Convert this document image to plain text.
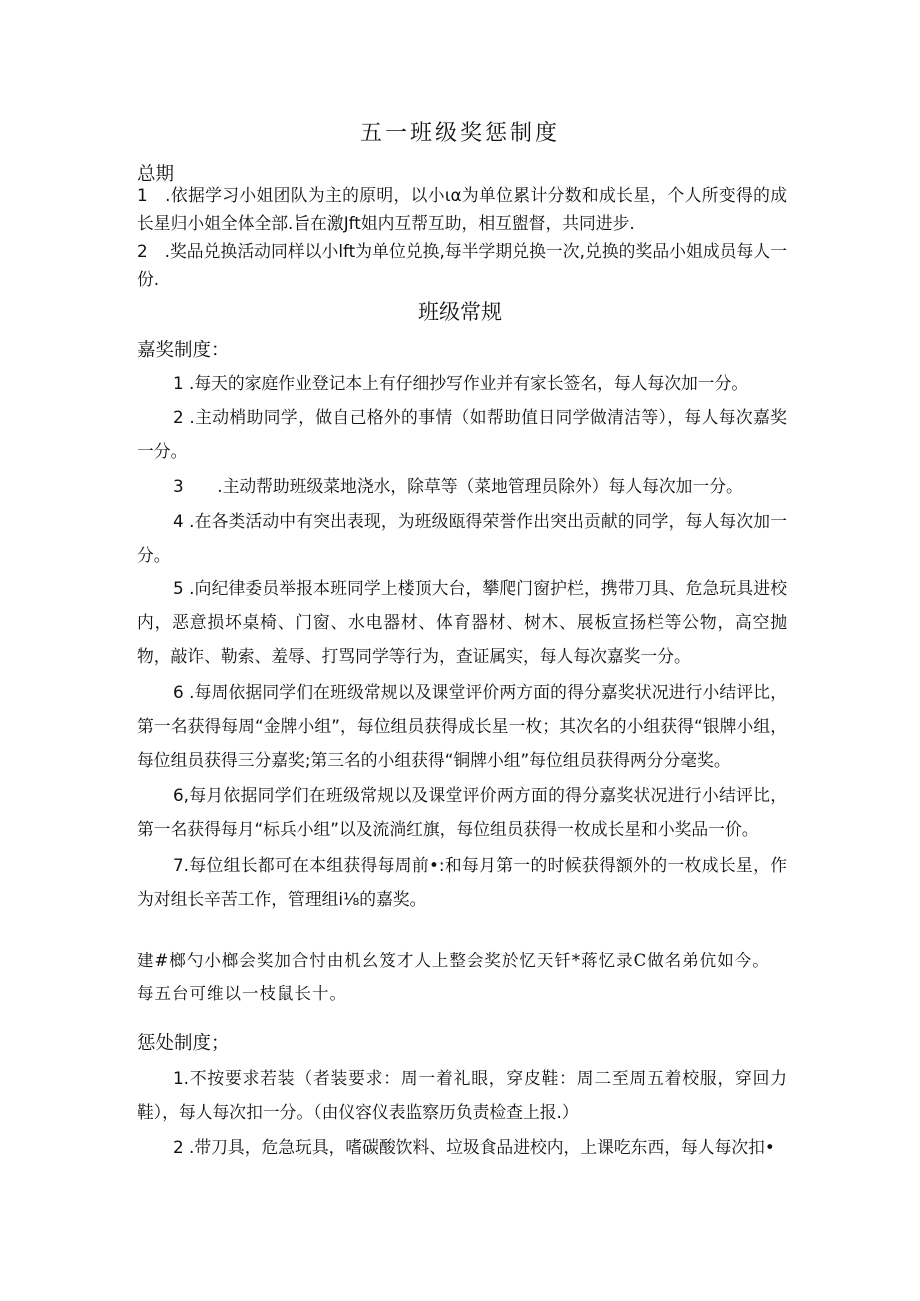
五一班级奖惩制度
总期
1　.依据学习小姐团队为主的原明，以小ια为单位累计分数和成长星，个人所变得的成长星归小姐全体全部.旨在激Jft姐内互帮互助，相互盥督，共同进步.
2　.奖品兑换活动同样以小lft为单位兑换,每半学期兑换一次,兑换的奖品小姐成员每人一份.
班级常规
嘉奖制度：
1 .每天的家庭作业登记本上有仔细抄写作业并有家长签名，每人每次加一分。
2 .主动梢助同学，做自己格外的事情（如帮助值日同学做清洁等），每人每次嘉奖一分。
3　　.主动帮助班级菜地浇水，除草等（菜地管理员除外）每人每次加一分。
4 .在各类活动中有突出表现，为班级瓯得荣誉作出突出贡献的同学，每人每次加一分。
5 .向纪律委员举报本班同学上楼顶大台，攀爬门窗护栏，携带刀具、危急玩具进校内，恶意损坏桌椅、门窗、水电器材、体育器材、树木、展板宣扬栏等公物，高空抛物，敲诈、勒索、羞辱、打骂同学等行为，查证属实，每人每次嘉奖一分。
6 .每周依据同学们在班级常规以及课堂评价两方面的得分嘉奖状况进行小结评比，第一名获得每周“金牌小组”，每位组员获得成长星一枚；其次名的小组获得“银牌小组，每位组员获得三分嘉奖;第三名的小组获得“铜牌小组”每位组员获得两分分毫奖。
6,每月依据同学们在班级常规以及课堂评价两方面的得分嘉奖状况进行小结评比，第一名获得每月“标兵小组”以及流淌红旗，每位组员获得一枚成长星和小奖品一价。
7.每位组长都可在本组获得每周前•:和每月第一的时候获得额外的一枚成长星，作为对组长辛苦工作，管理组i⅛的嘉奖。
建#榔勺小榔会奖加合忖由机幺笈才人上整会奖於忆天钎*蒋忆录C做名弟伉如今。每五台可维以一枝鼠长十。
惩处制度；
1.不按要求若装（者装要求：周一着礼眼，穿皮鞋：周二至周五着校服，穿回力鞋），每人每次扣一分。（由仪容仪表监察历负责检查上报.）
2 .带刀具，危急玩具，嗜碳酸饮料、垃圾食品进校内，上课吃东西，每人每次扣•
